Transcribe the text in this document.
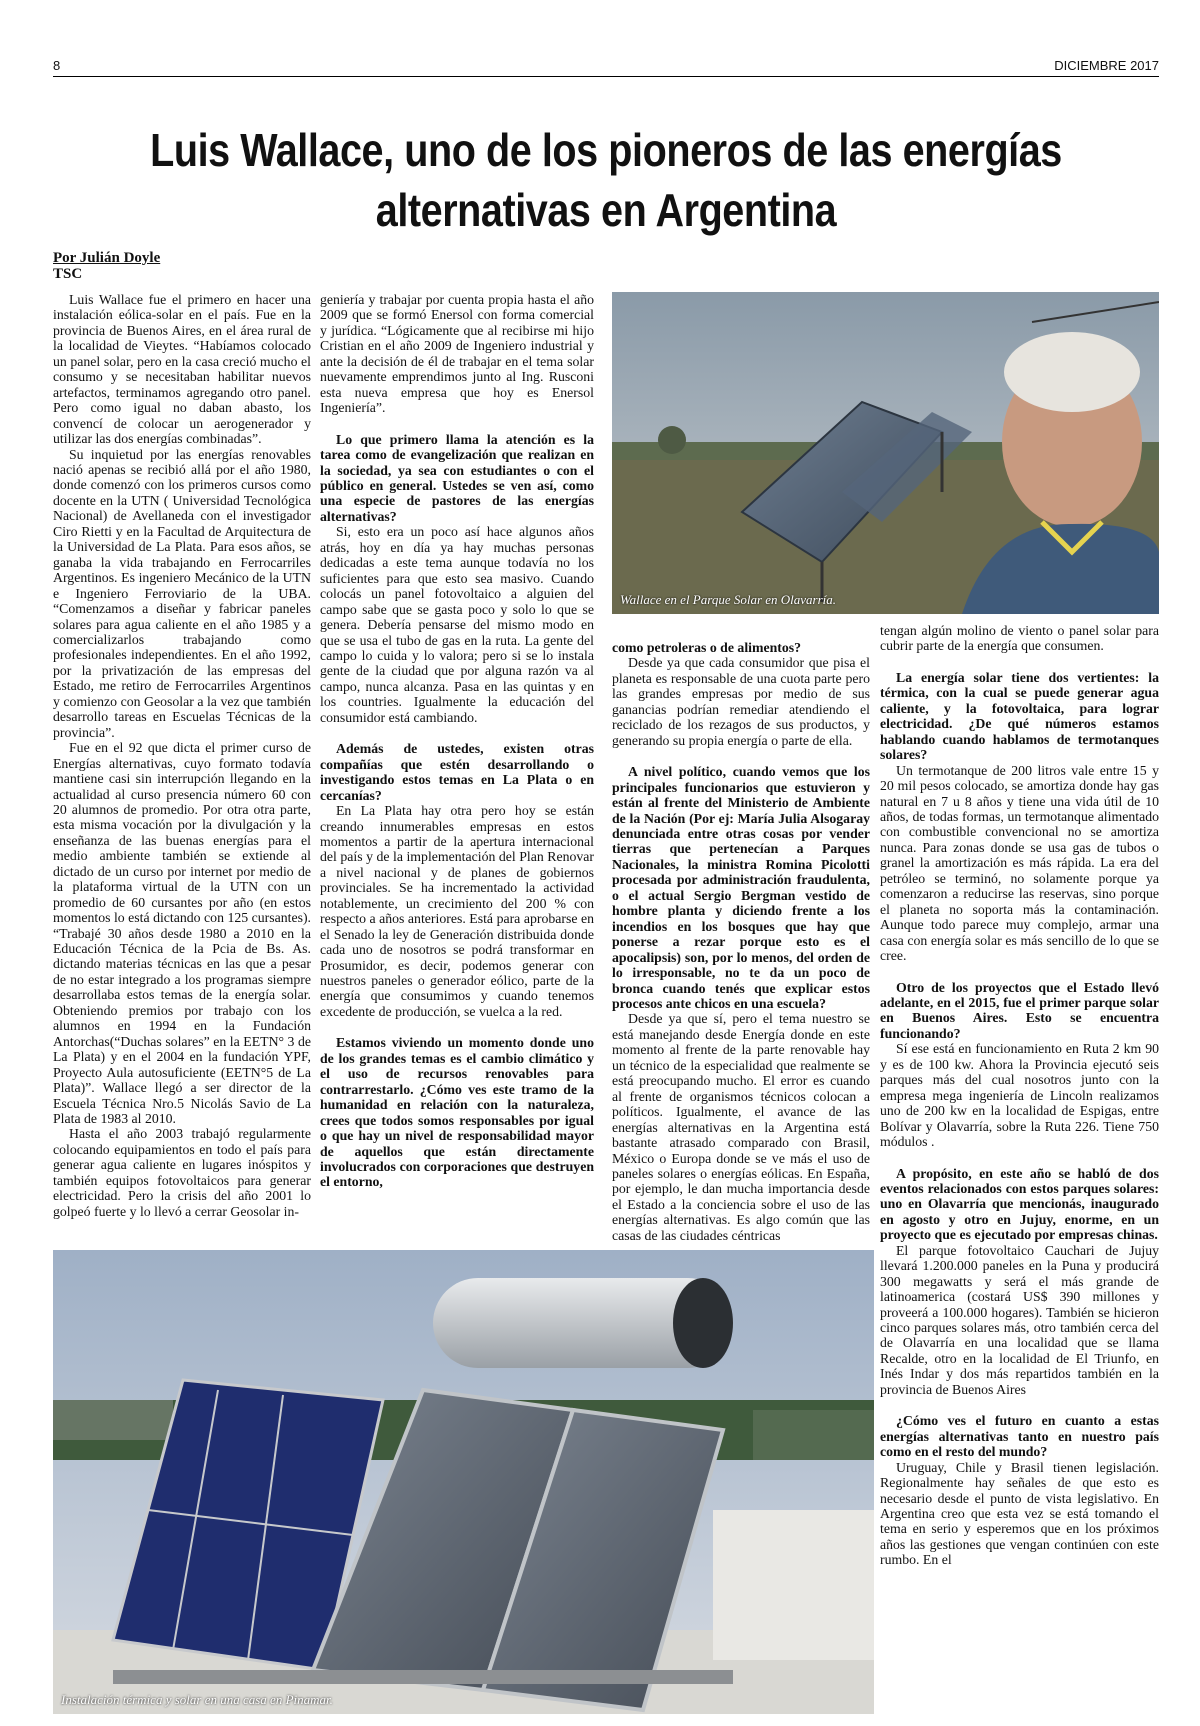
8	DICIEMBRE 2017
Luis Wallace, uno de los pioneros de las energías
alternativas en Argentina
Por Julián Doyle
TSC

Luis Wallace fue el primero en hacer una instalación eólica-solar en el país. Fue en la provincia de Buenos Aires, en el área rural de la localidad de Vieytes. “Habíamos colocado un panel solar, pero en la casa creció mucho el consumo y se necesitaban habilitar nuevos artefactos, terminamos agregando otro panel. Pero como igual no daban abasto, los convencí de colocar un aerogenerador y utilizar las dos energías combinadas”.

Su inquietud por las energías renovables nació apenas se recibió allá por el año 1980, donde comenzó con los primeros cursos como docente en la UTN ( Universidad Tecnológica Nacional) de Avellaneda con el investigador Ciro Rietti y en la Facultad de Arquitectura de la Universidad de La Plata. Para esos años, se ganaba la vida trabajando en Ferrocarriles Argentinos. Es ingeniero Mecánico de la UTN e Ingeniero Ferroviario de la UBA. “Comenzamos a diseñar y fabricar paneles solares para agua caliente en el año 1985 y a comercializarlos trabajando como profesionales independientes. En el año 1992, por la privatización de las empresas del Estado, me retiro de Ferrocarriles Argentinos y comienzo con Geosolar a la vez que también desarrollo tareas en Escuelas Técnicas de la provincia”.

Fue en el 92 que dicta el primer curso de Energías alternativas, cuyo formato todavía mantiene casi sin interrupción llegando en la actualidad al curso presencia número 60 con 20 alumnos de promedio. Por otra otra parte, esta misma vocación por la divulgación y la enseñanza de las buenas energías para el medio ambiente también se extiende al dictado de un curso por internet por medio de la plataforma virtual de la UTN con un promedio de 60 cursantes por año (en estos momentos lo está dictando con 125 cursantes). “Trabajé 30 años desde 1980 a 2010 en la Educación Técnica de la Pcia de Bs. As. dictando materias técnicas en las que a pesar de no estar integrado a los programas siempre desarrollaba estos temas de la energía solar. Obteniendo premios por trabajo con los alumnos en 1994 en la Fundación Antorchas(“Duchas solares” en la EETN° 3 de La Plata) y en el 2004 en la fundación YPF, Proyecto Aula autosuficiente (EETN°5 de La Plata)”. Wallace llegó a ser director de la Escuela Técnica Nro.5 Nicolás Savio de La Plata de 1983 al 2010.

Hasta el año 2003 trabajó regularmente colocando equipamientos en todo el país para generar agua caliente en lugares inóspitos y también equipos fotovoltaicos para generar electricidad. Pero la crisis del año 2001 lo golpeó fuerte y lo llevó a cerrar Geosolar in-

geniería y trabajar por cuenta propia hasta el año 2009 que se formó Enersol con forma comercial y jurídica. “Lógicamente que al recibirse mi hijo Cristian en el año 2009 de Ingeniero industrial y ante la decisión de él de trabajar en el tema solar nuevamente emprendimos junto al Ing. Rusconi esta nueva empresa que hoy es Enersol Ingeniería”.

Lo que primero llama la atención es la tarea como de evangelización que realizan en la sociedad, ya sea con estudiantes o con el público en general. Ustedes se ven así, como una especie de pastores de las energías alternativas?

Si, esto era un poco así hace algunos años atrás, hoy en día ya hay muchas personas dedicadas a este tema aunque todavía no los suficientes para que esto sea masivo. Cuando colocás un panel fotovoltaico a alguien del campo sabe que se gasta poco y solo lo que se genera. Debería pensarse del mismo modo en que se usa el tubo de gas en la ruta. La gente del campo lo cuida y lo valora; pero si se lo instala gente de la ciudad que por alguna razón va al campo, nunca alcanza. Pasa en las quintas y en los countries. Igualmente la educación del consumidor está cambiando.

Además de ustedes, existen otras compañías que estén desarrollando o investigando estos temas en La Plata o en cercanías?

En La Plata hay otra pero hoy se están creando innumerables empresas en estos momentos a partir de la apertura internacional del país y de la implementación del Plan Renovar a nivel nacional y de planes de gobiernos provinciales. Se ha incrementado la actividad notablemente, un crecimiento del 200 % con respecto a años anteriores. Está para aprobarse en el Senado la ley de Generación distribuida donde cada uno de nosotros se podrá transformar en Prosumidor, es decir, podemos generar con nuestros paneles o generador eólico, parte de la energía que consumimos y cuando tenemos excedente de producción, se vuelca a la red.

Estamos viviendo un momento donde uno de los grandes temas es el cambio climático y el uso de recursos renovables para contrarrestarlo. ¿Cómo ves este tramo de la humanidad en relación con la naturaleza, crees que todos somos responsables por igual o que hay un nivel de responsabilidad mayor de aquellos que están directamente involucrados con corporaciones que destruyen el entorno,

Wallace en el Parque Solar en Olavarría.

como petroleras o de alimentos?

Desde ya que cada consumidor que pisa el planeta es responsable de una cuota parte pero las grandes empresas por medio de sus ganancias podrían remediar atendiendo el reciclado de los rezagos de sus productos, y generando su propia energía o parte de ella.

A nivel político, cuando vemos que los principales funcionarios que estuvieron y están al frente del Ministerio de Ambiente de la Nación (Por ej: María Julia Alsogaray denunciada entre otras cosas por vender tierras que pertenecían a Parques Nacionales, la ministra Romina Picolotti procesada por administración fraudulenta, o el actual Sergio Bergman vestido de hombre planta y diciendo frente a los incendios en los bosques que hay que ponerse a rezar porque esto es el apocalipsis) son, por lo menos, del orden de lo irresponsable, no te da un poco de bronca cuando tenés que explicar estos procesos ante chicos en una escuela?

Desde ya que sí, pero el tema nuestro se está manejando desde Energía donde en este momento al frente de la parte renovable hay un técnico de la especialidad que realmente se está preocupando mucho. El error es cuando al frente de organismos técnicos colocan a políticos. Igualmente, el avance de las energías alternativas en la Argentina está bastante atrasado comparado con Brasil, México o Europa donde se ve más el uso de paneles solares o energías eólicas. En España, por ejemplo, le dan mucha importancia desde el Estado a la conciencia sobre el uso de las energías alternativas. Es algo común que las casas de las ciudades céntricas

tengan algún molino de viento o panel solar para cubrir parte de la energía que consumen.

La energía solar tiene dos vertientes: la térmica, con la cual se puede generar agua caliente, y la fotovoltaica, para lograr electricidad. ¿De qué números estamos hablando cuando hablamos de termotanques solares?

Un termotanque de 200 litros vale entre 15 y 20 mil pesos colocado, se amortiza donde hay gas natural en 7 u 8 años y tiene una vida útil de 10 años, de todas formas, un termotanque alimentado con combustible convencional no se amortiza nunca. Para zonas donde se usa gas de tubos o granel la amortización es más rápida. La era del petróleo se terminó, no solamente porque ya comenzaron a reducirse las reservas, sino porque el planeta no soporta más la contaminación. Aunque todo parece muy complejo, armar una casa con energía solar es más sencillo de lo que se cree.

Otro de los proyectos que el Estado llevó adelante, en el 2015, fue el primer parque solar en Buenos Aires. Esto se encuentra funcionando?

Sí ese está en funcionamiento en Ruta 2 km 90 y es de 100 kw. Ahora la Provincia ejecutó seis parques más del cual nosotros junto con la empresa mega ingeniería de Lincoln realizamos uno de 200 kw en la localidad de Espigas, entre Bolívar y Olavarría, sobre la Ruta 226. Tiene 750 módulos .

A propósito, en este año se habló de dos eventos relacionados con estos parques solares: uno en Olavarría que mencionás, inaugurado en agosto y otro en Jujuy, enorme, en un proyecto que es ejecutado por empresas chinas.

El parque fotovoltaico Cauchari de Jujuy llevará 1.200.000 paneles en la Puna y producirá 300 megawatts y será el más grande de latinoamerica (costará US$ 390 millones y proveerá a 100.000 hogares). También se hicieron cinco parques solares más, otro también cerca del de Olavarría en una localidad que se llama Recalde, otro en la localidad de El Triunfo, en Inés Indar y dos más repartidos también en la provincia de Buenos Aires

¿Cómo ves el futuro en cuanto a estas energías alternativas tanto en nuestro país como en el resto del mundo?

Uruguay, Chile y Brasil tienen legislación. Regionalmente hay señales de que esto es necesario desde el punto de vista legislativo. En Argentina creo que esta vez se está tomando el tema en serio y esperemos que en los próximos años las gestiones que vengan continúen con este rumbo. En el

Instalación térmica y solar en una casa en Pinamar.
